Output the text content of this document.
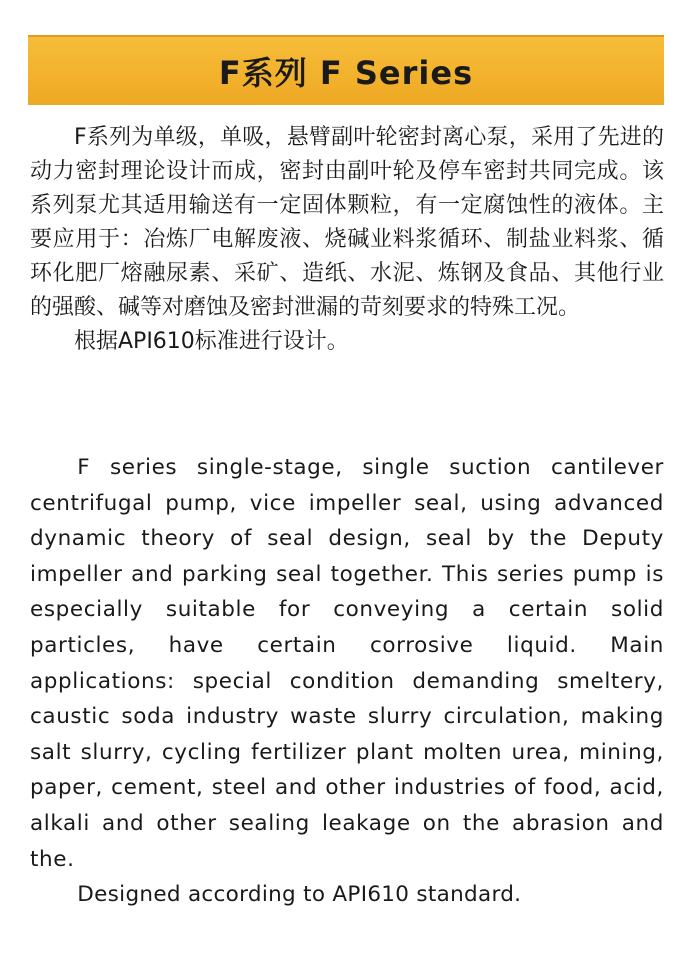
F系列 F Series

F系列为单级，单吸，悬臂副叶轮密封离心泵，采用了先进的动力密封理论设计而成，密封由副叶轮及停车密封共同完成。该系列泵尤其适用输送有一定固体颗粒，有一定腐蚀性的液体。主要应用于：冶炼厂电解废液、烧碱业料浆循环、制盐业料浆、循环化肥厂熔融尿素、采矿、造纸、水泥、炼钢及食品、其他行业的强酸、碱等对磨蚀及密封泄漏的苛刻要求的特殊工况。

根据API610标准进行设计。

F series single-stage, single suction cantilever centrifugal pump, vice impeller seal, using advanced dynamic theory of seal design, seal by the Deputy impeller and parking seal together. This series pump is especially suitable for conveying a certain solid particles, have certain corrosive liquid. Main applications: special condition demanding smeltery, caustic soda industry waste slurry circulation, making salt slurry, cycling fertilizer plant molten urea, mining, paper, cement, steel and other industries of food, acid, alkali and other sealing leakage on the abrasion and the.

Designed according to API610 standard.
